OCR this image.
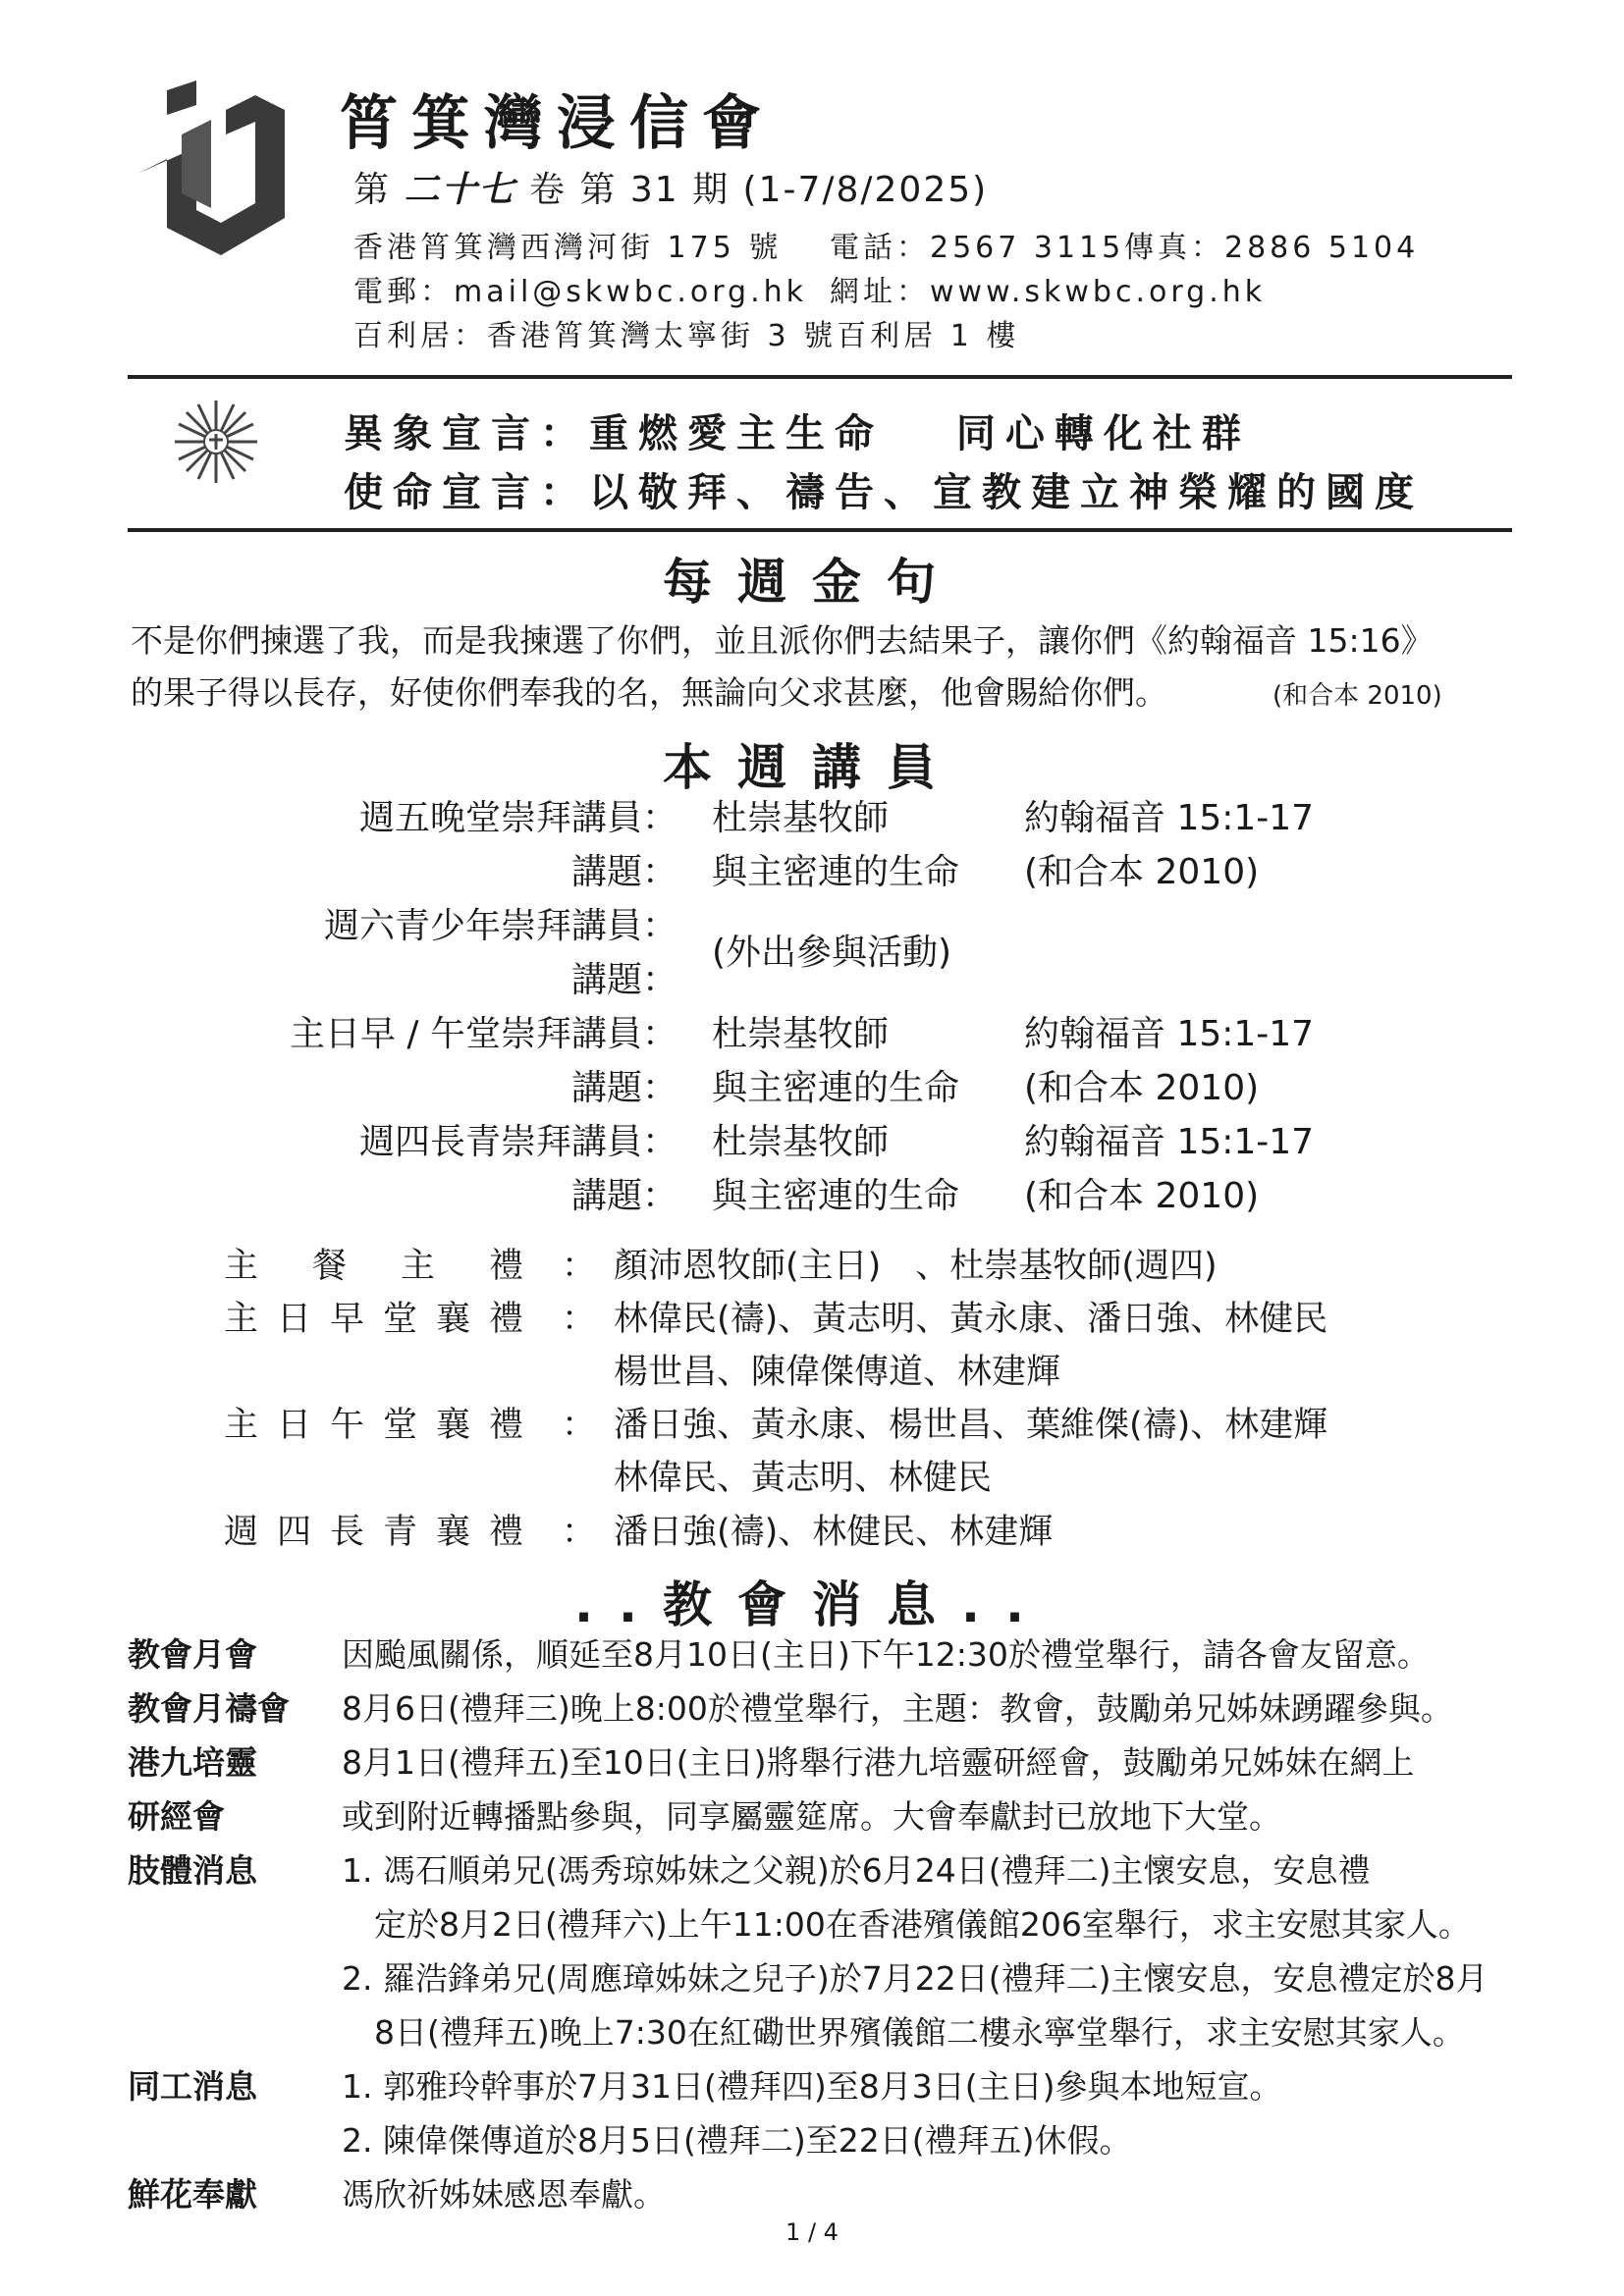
筲箕灣浸信會
第 二十七 卷 第 31 期 (1-7/8/2025)
香港筲箕灣西灣河街 175 號 電話：2567 3115 傳真：2886 5104
電郵：mail@skwbc.org.hk 網址：www.skwbc.org.hk
百利居：香港筲箕灣太寧街 3 號百利居 1 樓
異象宣言：重燃愛主生命　 同心轉化社群
使命宣言：以敬拜、禱告、宣教建立神榮耀的國度
每週金句
不是你們揀選了我，而是我揀選了你們，並且派你們去結果子，讓你們《約翰福音 15:16》
的果子得以長存，好使你們奉我的名，無論向父求甚麼，他會賜給你們。	(和合本 2010)
本週講員
週五晚堂崇拜講員： 杜崇基牧師	約翰福音 15:1-17
講題： 與主密連的生命 (和合本 2010)
週六青少年崇拜講員：
講題：
(外出參與活動)
主日早 / 午堂崇拜講員： 杜崇基牧師	約翰福音 15:1-17
講題： 與主密連的生命 (和合本 2010)
週四長青崇拜講員： 杜崇基牧師	約翰福音 15:1-17
講題： 與主密連的生命 (和合本 2010)
主 餐 主 禮 ： 顏沛恩牧師(主日)　、杜崇基牧師(週四)
主 日 早 堂 襄 禮 ： 林偉民(禱)、黃志明、黃永康、潘日強、林健民
楊世昌、陳偉傑傳道、林建輝
主 日 午 堂 襄 禮 ： 潘日強、黃永康、楊世昌、葉維傑(禱)、林建輝
林偉民、黃志明、林健民
週 四 長 青 襄 禮 ： 潘日強(禱)、林健民、林建輝
..教會消息..
教會月會	因颱風關係，順延至8月10日(主日)下午12:30於禮堂舉行，請各會友留意。
教會月禱會 8月6日(禮拜三)晚上8:00於禮堂舉行，主題：教會，鼓勵弟兄姊妹踴躍參與。
港九培靈	8月1日(禮拜五)至10日(主日)將舉行港九培靈研經會，鼓勵弟兄姊妹在網上
研經會	或到附近轉播點參與，同享屬靈筵席。大會奉獻封已放地下大堂。
肢體消息	1. 馮石順弟兄(馮秀琼姊妹之父親)於6月24日(禮拜二)主懷安息，安息禮
　定於8月2日(禮拜六)上午11:00在香港殯儀館206室舉行，求主安慰其家人。
2. 羅浩鋒弟兄(周應璋姊妹之兒子)於7月22日(禮拜二)主懷安息，安息禮定於8月
　8日(禮拜五)晚上7:30在紅磡世界殯儀館二樓永寧堂舉行，求主安慰其家人。
同工消息	1. 郭雅玲幹事於7月31日(禮拜四)至8月3日(主日)參與本地短宣。
2. 陳偉傑傳道於8月5日(禮拜二)至22日(禮拜五)休假。
鮮花奉獻	馮欣祈姊妹感恩奉獻。
1 / 4
